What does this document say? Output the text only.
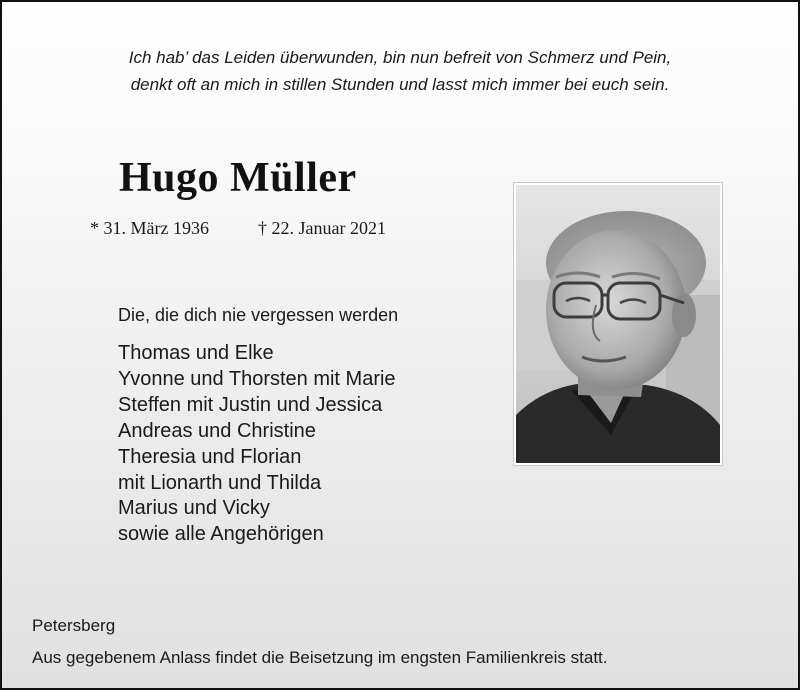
Ich hab’ das Leiden überwunden, bin nun befreit von Schmerz und Pein,
denkt oft an mich in stillen Stunden und lasst mich immer bei euch sein.
Hugo Müller
* 31. März 1936	† 22. Januar 2021
Die, die dich nie vergessen werden
Thomas und Elke
Yvonne und Thorsten mit Marie
Steffen mit Justin und Jessica
Andreas und Christine
Theresia und Florian
mit Lionarth und Thilda
Marius und Vicky
sowie alle Angehörigen
Petersberg
Aus gegebenem Anlass findet die Beisetzung im engsten Familienkreis statt.
